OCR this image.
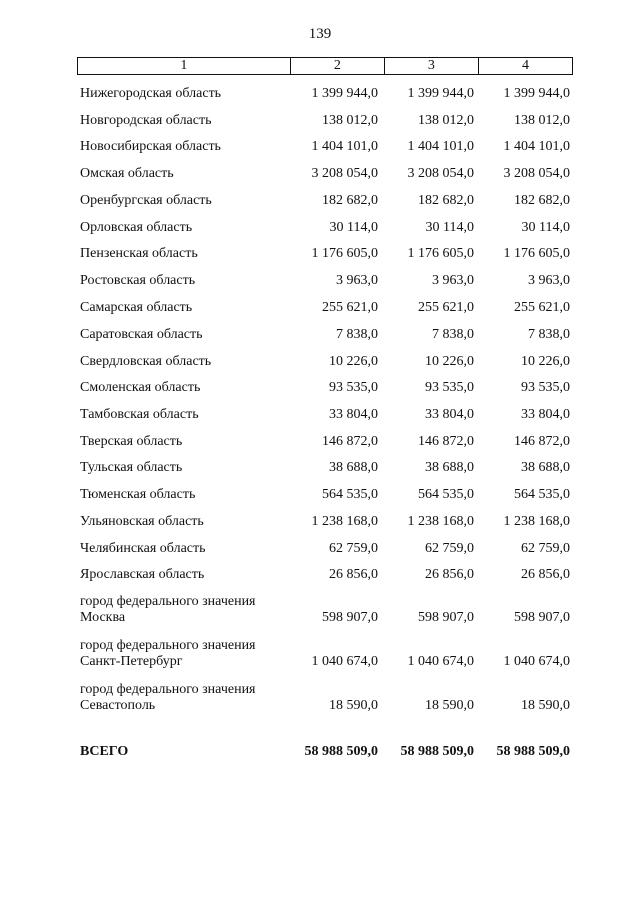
139
1	2	3	4
Нижегородская область	1 399 944,0	1 399 944,0	1 399 944,0
Новгородская область	138 012,0	138 012,0	138 012,0
Новосибирская область	1 404 101,0	1 404 101,0	1 404 101,0
Омская область	3 208 054,0	3 208 054,0	3 208 054,0
Оренбургская область	182 682,0	182 682,0	182 682,0
Орловская область	30 114,0	30 114,0	30 114,0
Пензенская область	1 176 605,0	1 176 605,0	1 176 605,0
Ростовская область	3 963,0	3 963,0	3 963,0
Самарская область	255 621,0	255 621,0	255 621,0
Саратовская область	7 838,0	7 838,0	7 838,0
Свердловская область	10 226,0	10 226,0	10 226,0
Смоленская область	93 535,0	93 535,0	93 535,0
Тамбовская область	33 804,0	33 804,0	33 804,0
Тверская область	146 872,0	146 872,0	146 872,0
Тульская область	38 688,0	38 688,0	38 688,0
Тюменская область	564 535,0	564 535,0	564 535,0
Ульяновская область	1 238 168,0	1 238 168,0	1 238 168,0
Челябинская область	62 759,0	62 759,0	62 759,0
Ярославская область	26 856,0	26 856,0	26 856,0
город федерального значения
Москва	598 907,0	598 907,0	598 907,0
город федерального значения
Санкт-Петербург	1 040 674,0	1 040 674,0	1 040 674,0
город федерального значения
Севастополь	18 590,0	18 590,0	18 590,0
ВСЕГО	58 988 509,0	58 988 509,0	58 988 509,0
